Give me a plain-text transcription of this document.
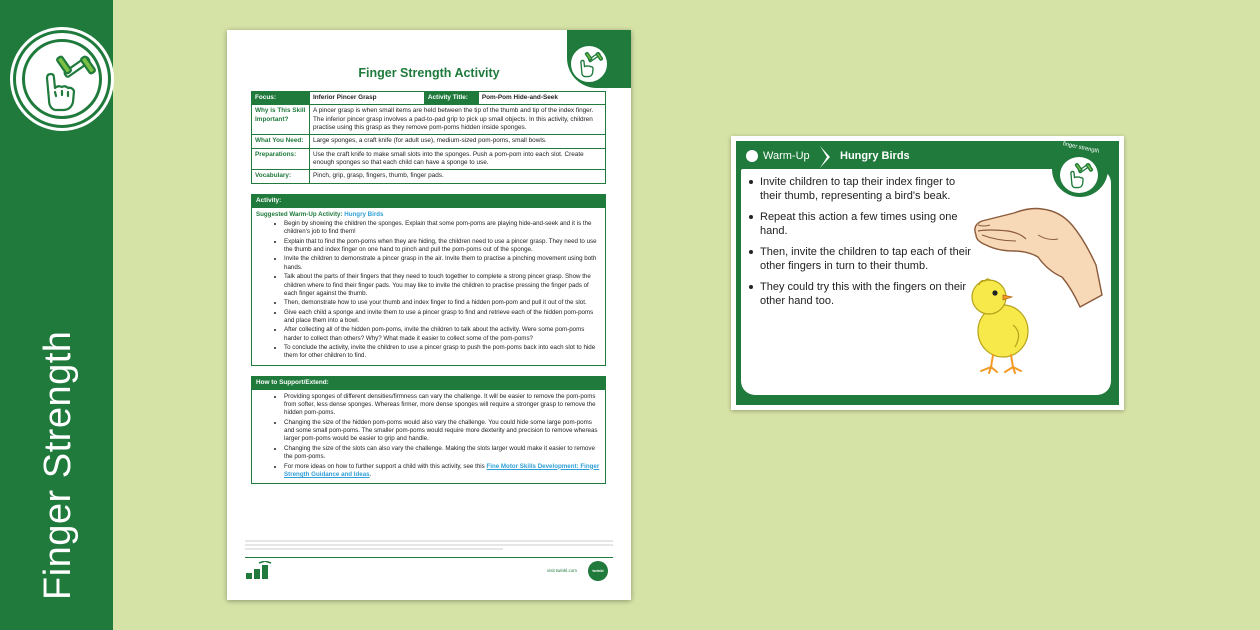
Finger Strength
Finger Strength Activity
Focus:	Inferior Pincer Grasp	Activity Title:	Pom-Pom Hide-and-Seek
Why is This Skill Important?	A pincer grasp is when small items are held between the tip of the thumb and tip of the index finger. The inferior pincer grasp involves a pad-to-pad grip to pick up small objects. In this activity, children practise using this grasp as they remove pom-poms hidden inside sponges.		
What You Need:	Large sponges, a craft knife (for adult use), medium-sized pom-poms, small bowls.		
Preparations:	Use the craft knife to make small slots into the sponges. Push a pom-pom into each slot. Create enough sponges so that each child can have a sponge to use.		
Vocabulary:	Pinch, grip, grasp, fingers, thumb, finger pads.		
Activity:
Suggested Warm-Up Activity: Hungry Birds
• Begin by showing the children the sponges. Explain that some pom-poms are playing hide-and-seek and it is the children's job to find them!
• Explain that to find the pom-poms when they are hiding, the children need to use a pincer grasp. They need to use the thumb and index finger on one hand to pinch and pull the pom-poms out of the sponge.
• Invite the children to demonstrate a pincer grasp in the air. Invite them to practise a pinching movement using both hands.
• Talk about the parts of their fingers that they need to touch together to complete a strong pincer grasp. Show the children where to find their finger pads. You may like to invite the children to practise pressing the finger pads of each finger against the thumb.
• Then, demonstrate how to use your thumb and index finger to find a hidden pom-pom and pull it out of the slot.
• Give each child a sponge and invite them to use a pincer grasp to find and retrieve each of the hidden pom-poms and place them into a bowl.
• After collecting all of the hidden pom-poms, invite the children to talk about the activity. Were some pom-poms harder to collect than others? Why? What made it easier to collect some of the pom-poms?
• To conclude the activity, invite the children to use a pincer grasp to push the pom-poms back into each slot to hide them for other children to find.
How to Support/Extend:
• Providing sponges of different densities/firmness can vary the challenge. It will be easier to remove the pom-poms from softer, less dense sponges. Whereas firmer, more dense sponges will require a stronger grasp to remove the hidden pom-poms.
• Changing the size of the hidden pom-poms would also vary the challenge. You could hide some large pom-poms and some small pom-poms. The smaller pom-poms would require more dexterity and precision to remove whereas larger pom-poms would be easier to grip and handle.
• Changing the size of the slots can also vary the challenge. Making the slots larger would make it easier to remove the pom-poms.
• For more ideas on how to further support a child with this activity, see this Fine Motor Skills Development: Finger Strength Guidance and Ideas.
visit twinkl.com	twinkl
Warm-Up	Hungry Birds
finger strength
Invite children to tap their index finger to their thumb, representing a bird's beak.
Repeat this action a few times using one hand.
Then, invite the children to tap each of their other fingers in turn to their thumb.
They could try this with the fingers on their other hand too.
